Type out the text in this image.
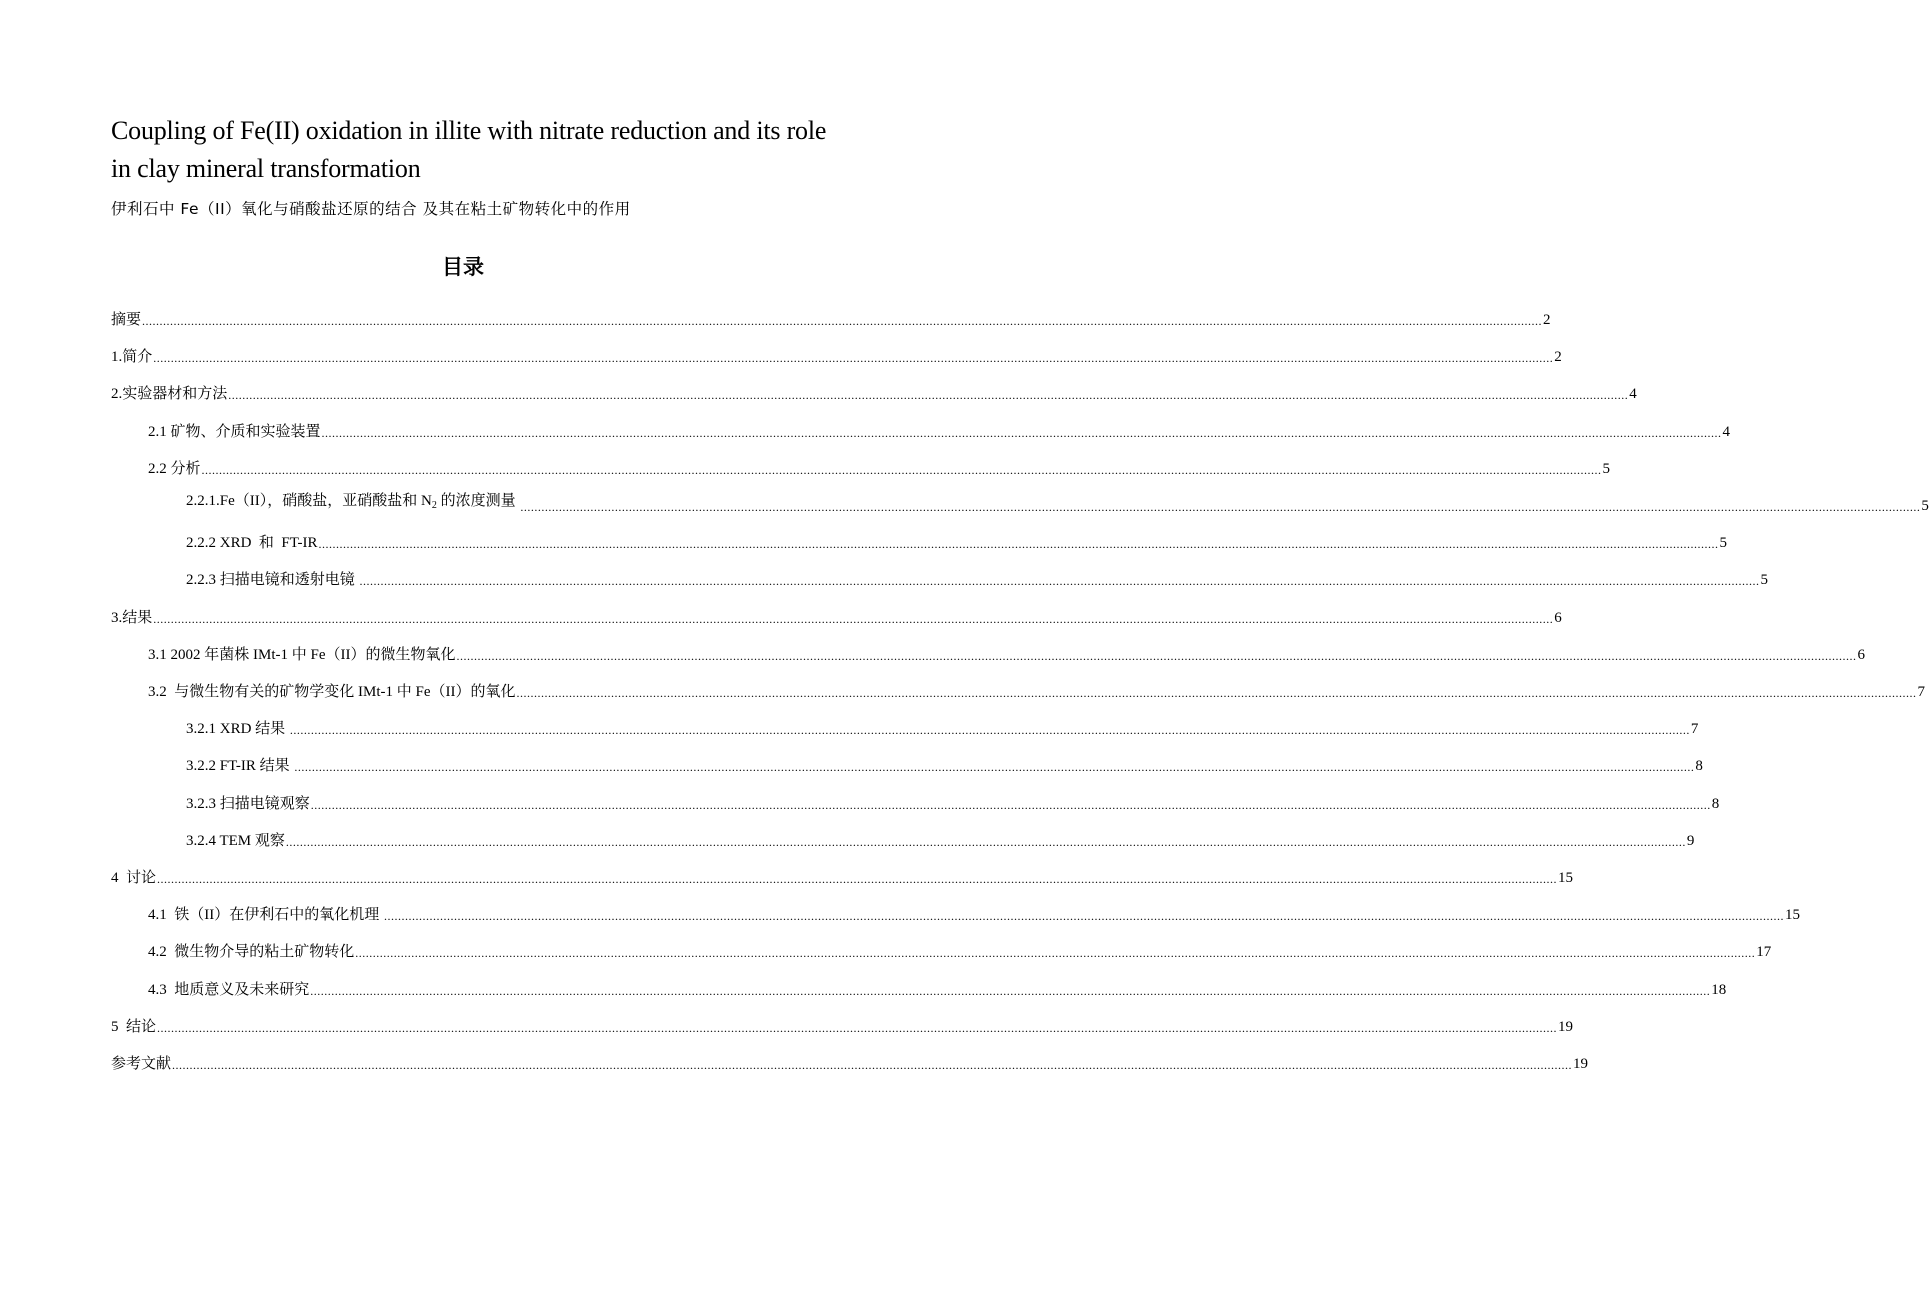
Coupling of Fe(II) oxidation in illite with nitrate reduction and its role in clay mineral transformation
伊利石中 Fe（II）氧化与硝酸盐还原的结合 及其在粘土矿物转化中的作用
目录
摘要 ................................................................................................................................................................................................................................................................................................................................................................................................................ 2
1.简介 ................................................................................................................................................................................................................................................................................................................................................................................................................ 2
2.实验器材和方法 ................................................................................................................................................................................................................................................................................................................................................................................................................ 4
2.1 矿物、介质和实验装置 ................................................................................................................................................................................................................................................................................................................................................................................................................ 4
2.2 分析 ................................................................................................................................................................................................................................................................................................................................................................................................................ 5
2.2.1.Fe（II），硝酸盐，亚硝酸盐和 $N_2$ 的浓度测量 ................................................................................................................................................................................................................................................................................................................................................................................................................ 5
2.2.2 XRD  和  FT-IR ................................................................................................................................................................................................................................................................................................................................................................................................................ 5
2.2.3 扫描电镜和透射电镜 ................................................................................................................................................................................................................................................................................................................................................................................................................ 5
3.结果 ................................................................................................................................................................................................................................................................................................................................................................................................................ 6
3.1 2002 年菌株 IMt-1 中 Fe（II）的微生物氧化 ................................................................................................................................................................................................................................................................................................................................................................................................................ 6
3.2  与微生物有关的矿物学变化 IMt-1 中 Fe（II）的氧化 ................................................................................................................................................................................................................................................................................................................................................................................................................ 7
3.2.1 XRD 结果 ................................................................................................................................................................................................................................................................................................................................................................................................................ 7
3.2.2 FT-IR 结果 ................................................................................................................................................................................................................................................................................................................................................................................................................ 8
3.2.3 扫描电镜观察 ................................................................................................................................................................................................................................................................................................................................................................................................................ 8
3.2.4 TEM 观察 ................................................................................................................................................................................................................................................................................................................................................................................................................ 9
4  讨论 ................................................................................................................................................................................................................................................................................................................................................................................................................ 15
4.1  铁（II）在伊利石中的氧化机理 ................................................................................................................................................................................................................................................................................................................................................................................................................ 15
4.2  微生物介导的粘土矿物转化 ................................................................................................................................................................................................................................................................................................................................................................................................................ 17
4.3  地质意义及未来研究 ................................................................................................................................................................................................................................................................................................................................................................................................................ 18
5  结论 ................................................................................................................................................................................................................................................................................................................................................................................................................ 19
参考文献 ................................................................................................................................................................................................................................................................................................................................................................................................................ 19
